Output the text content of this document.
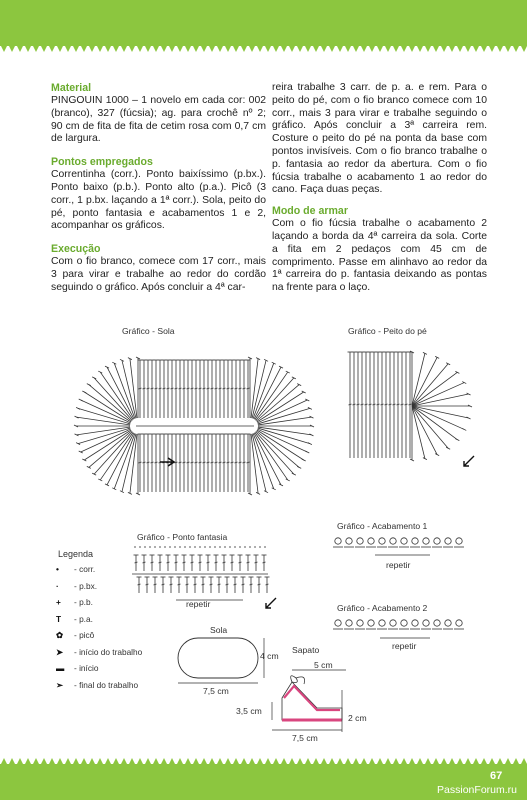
Material

PINGOUIN 1000 – 1 novelo em cada cor: 002 (branco), 327 (fúcsia); ag. para crochê nº 2; 90 cm de fita de fita de cetim rosa com 0,7 cm de largura.

Pontos empregados

Correntinha (corr.). Ponto baixíssimo (p.bx.). Ponto baixo (p.b.). Ponto alto (p.a.). Picô (3 corr., 1 p.bx. laçando a 1ª corr.). Sola, peito do pé, ponto fantasia e acabamentos 1 e 2, acompanhar os gráficos.

Execução

Com o fio branco, comece com 17 corr., mais 3 para virar e trabalhe ao redor do cordão seguindo o gráfico. Após concluir a 4ª car-

reira trabalhe 3 carr. de p. a. e rem. Para o peito do pé, com o fio branco comece com 10 corr., mais 3 para virar e trabalhe seguindo o gráfico. Após concluir a 3ª carreira rem. Costure o peito do pé na ponta da base com pontos invisíveis. Com o fio branco trabalhe o p. fantasia ao redor da abertura. Com o fio fúcsia trabalhe o acabamento 1 ao redor do cano. Faça duas peças.

Modo de armar

Com o fio fúcsia trabalhe o acabamento 2 laçando a borda da 4ª carreira da sola. Corte a fita em 2 pedaços com 45 cm de comprimento. Passe em alinhavo ao redor da 1ª carreira do p. fantasia deixando as pontas na frente para o laço.

Gráfico - Sola	Gráfico - Peito do pé
Gráfico - Ponto fantasia
Gráfico - Acabamento 1
Gráfico - Acabamento 2
repetir
repetir
repetir
Legenda
• - corr.
· - p.bx.
+ - p.b.
T - p.a.
✿ - picô
➤ - início do trabalho
▬ - início
➢ - final do trabalho
Sola
4 cm
7,5 cm
Sapato
5 cm
3,5 cm
2 cm
7,5 cm
67
PassionForum.ru
